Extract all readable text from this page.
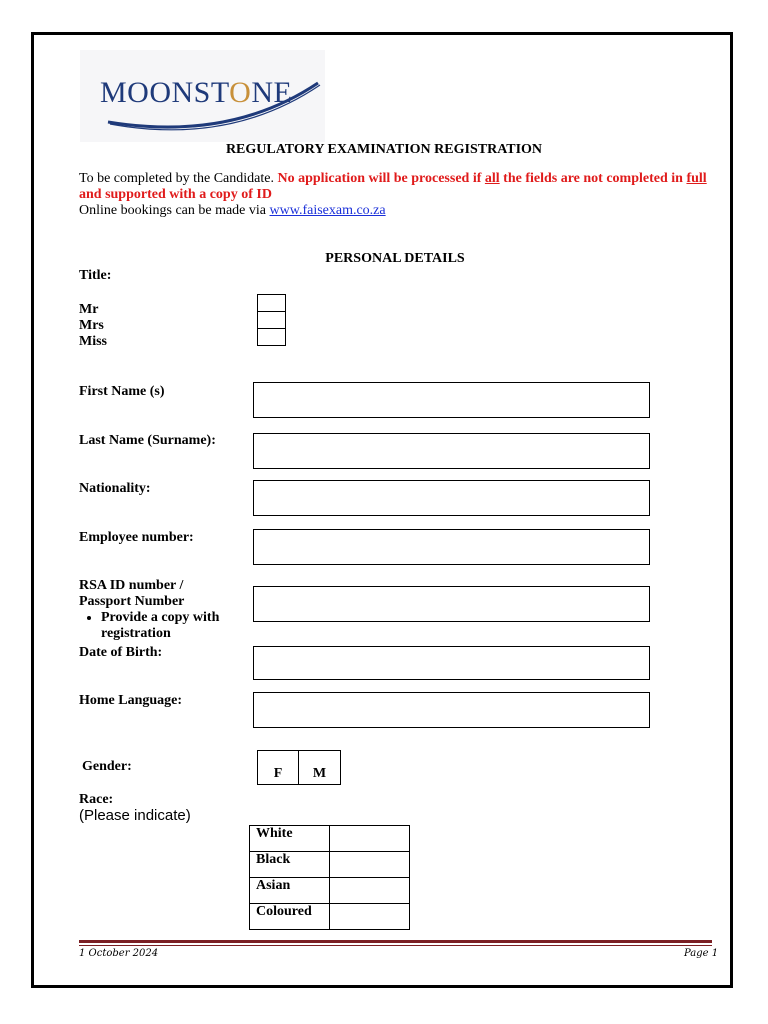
MOONSTONE
REGULATORY EXAMINATION REGISTRATION
To be completed by the Candidate. No application will be processed if all the fields are not completed in full and supported with a copy of ID
Online bookings can be made via www.faisexam.co.za
PERSONAL DETAILS
Title:
Mr
Mrs
Miss
First Name (s)
Last Name (Surname):
Nationality:
Employee number:
RSA ID number /
Passport Number
• Provide a copy with registration
Date of Birth:
Home Language:
Gender:	F	M
Race:
(Please indicate)
White	
Black	
Asian	
Coloured	
1 October 2024	Page 1
